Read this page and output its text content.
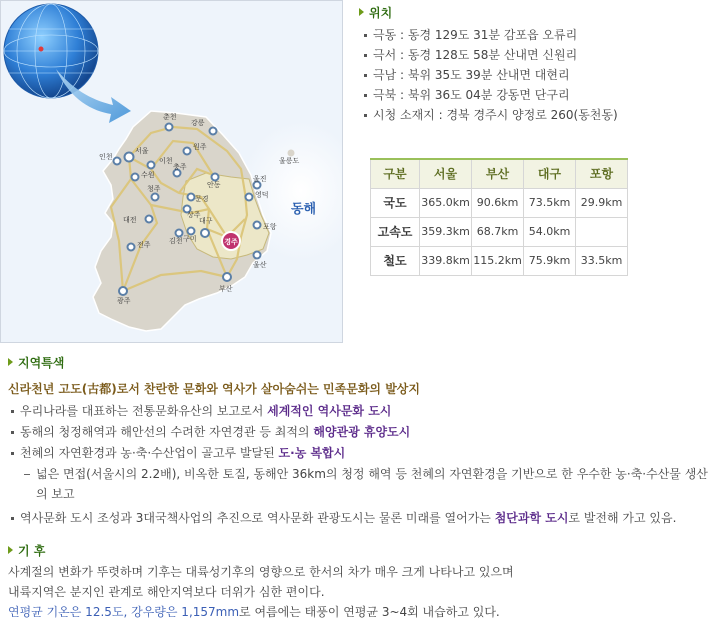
춘천
강릉
서울
인천	이천
수원
원주
충주
청주
대전
안동
문경
상주
울진
영덕
포항
대구
김천 구미
전주
광주
부산
울산
울릉도
경주
동해
위치
극동 : 동경 129도 31분 감포읍 오류리
극서 : 동경 128도 58분 산내면 신원리
극남 : 북위 35도 39분 산내면 대현리
극북 : 북위 36도 04분 강동면 단구리
시청 소재지 : 경북 경주시 양정로 260(동천동)
구분	서울	부산	대구	포항
국도	365.0km	90.6km	73.5km	29.9km
고속도	359.3km	68.7km	54.0km	
철도	339.8km	115.2km	75.9km	33.5km
지역특색
신라천년 고도(古都)로서 찬란한 문화와 역사가 살아숨쉬는 민족문화의 발상지
우리나라를 대표하는 전통문화유산의 보고로서 세계적인 역사문화 도시
동해의 청정해역과 해안선의 수려한 자연경관 등 최적의 해양관광 휴양도시
천혜의 자연환경과 농·축·수산업이 골고루 발달된 도·농 복합시
넓은 면접(서울시의 2.2배), 비옥한 토질, 동해안 36km의 청정 해역 등 천혜의 자연환경을 기반으로 한 우수한 농·축·수산물 생산의 보고
역사문화 도시 조성과 3대국책사업의 추진으로 역사문화 관광도시는 물론 미래를 열어가는 첨단과학 도시로 발전해 가고 있음.
기 후

사계절의 변화가 뚜렷하며 기후는 대륙성기후의 영향으로 한서의 차가 매우 크게 나타나고 있으며

내륙지역은 분지인 관계로 해안지역보다 더위가 심한 편이다.

연평균 기온은 12.5도, 강우량은 1,157mm로 여름에는 태풍이 연평균 3~4회 내습하고 있다.
